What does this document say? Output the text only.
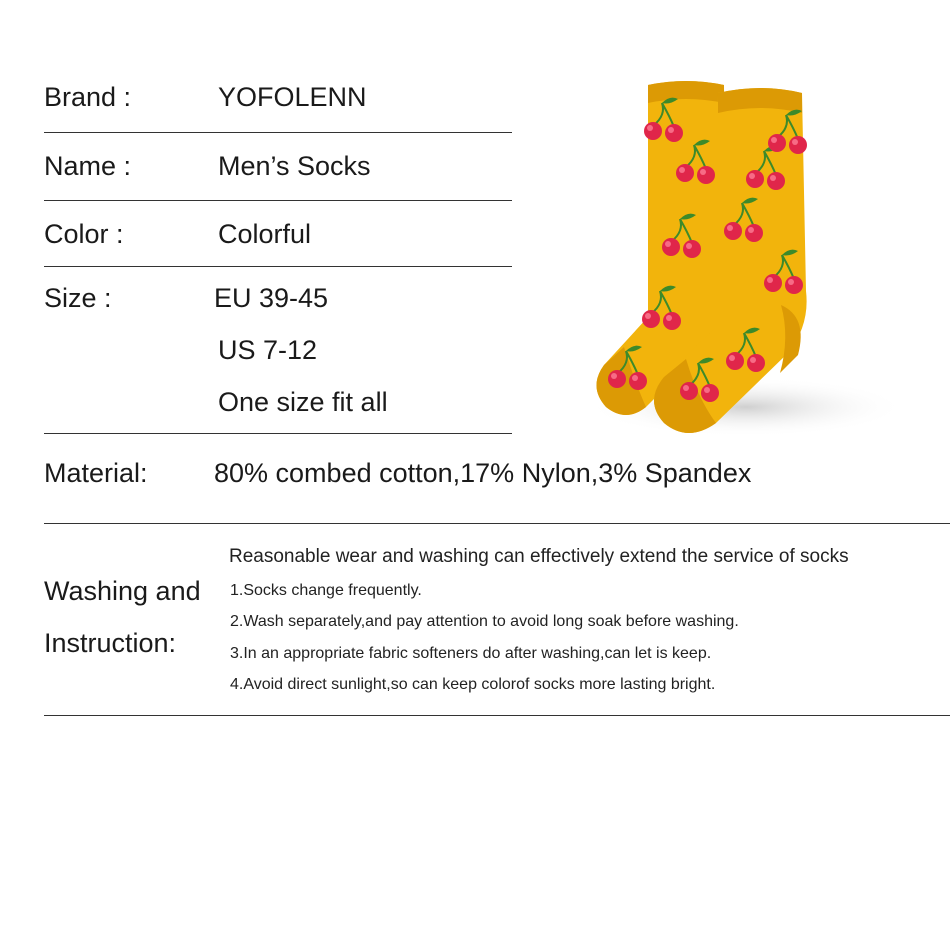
Brand :	YOFOLENN
Name :	Men’s Socks
Color :	Colorful
Size :	EU 39-45
US 7-12
One size fit all
Material: 80% combed cotton,17% Nylon,3% Spandex
Washing and
Instruction:
Reasonable wear and washing can effectively extend the service of socks
1.Socks change frequently.
2.Wash separately,and pay attention to avoid long soak before washing.
3.In an appropriate fabric softeners do after washing,can let is keep.
4.Avoid direct sunlight,so can keep colorof socks more lasting bright.
